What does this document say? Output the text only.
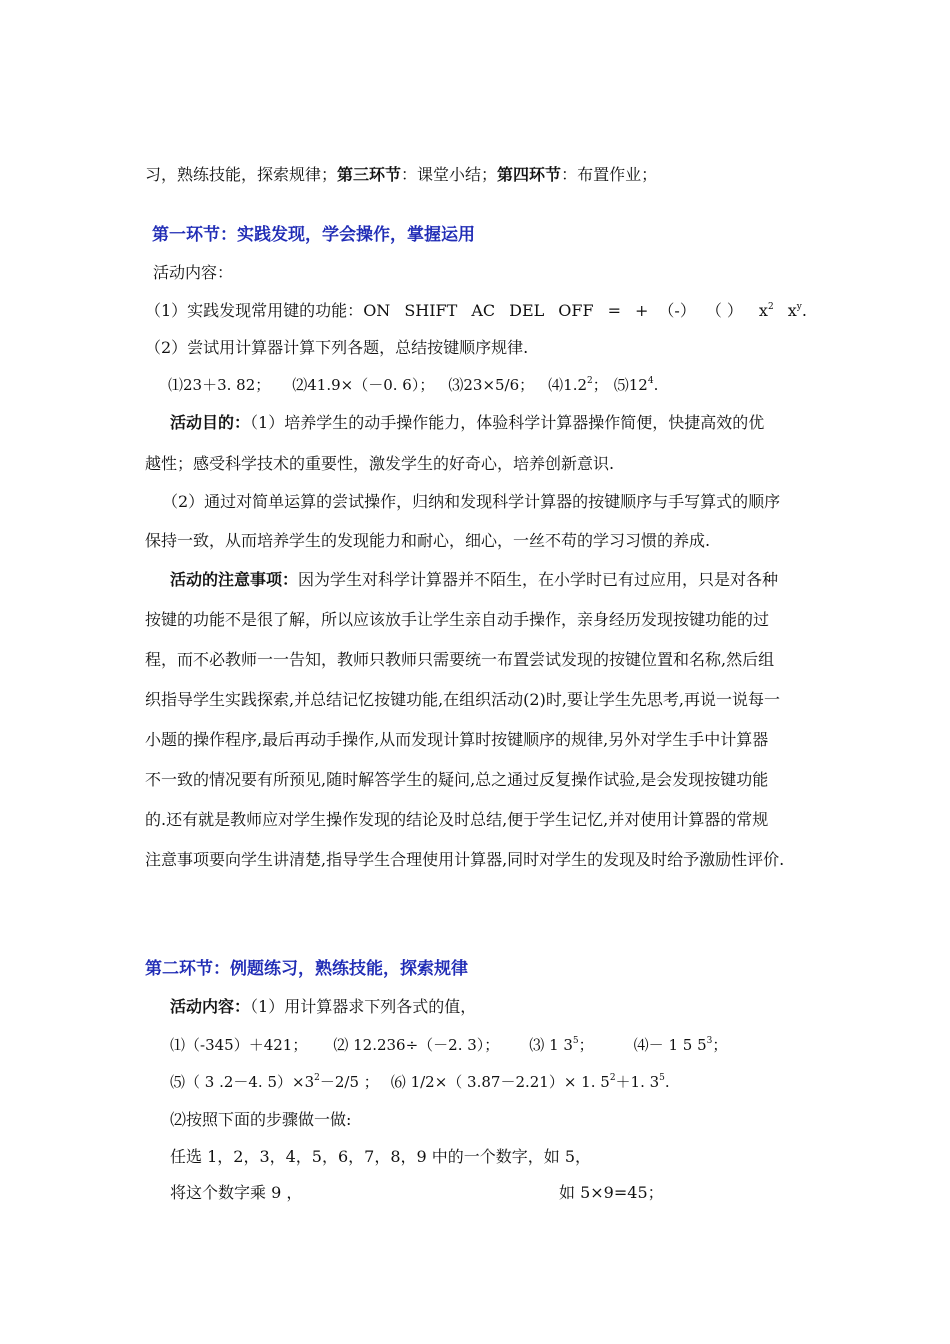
习，熟练技能，探索规律；第三环节：课堂小结；第四环节：布置作业；
第一环节：实践发现，学会操作，掌握运用
活动内容：
（1）实践发现常用键的功能：ON SHIFT AC DEL OFF = + （-） （ ） $x^2$ $x^y$.
（2）尝试用计算器计算下列各题，总结按键顺序规律.
⑴23＋3. 82； ⑵41.9×（－0. 6）； ⑶23×5/6； $⑷1.2^2$； $⑸12^4$.
活动目的：（1）培养学生的动手操作能力，体验科学计算器操作简便，快捷高效的优
越性；感受科学技术的重要性，激发学生的好奇心，培养创新意识.
（2）通过对简单运算的尝试操作，归纳和发现科学计算器的按键顺序与手写算式的顺序
保持一致，从而培养学生的发现能力和耐心，细心，一丝不苟的学习习惯的养成.
活动的注意事项：因为学生对科学计算器并不陌生，在小学时已有过应用，只是对各种
按键的功能不是很了解，所以应该放手让学生亲自动手操作，亲身经历发现按键功能的过
程，而不必教师一一告知，教师只教师只需要统一布置尝试发现的按键位置和名称,然后组
织指导学生实践探索,并总结记忆按键功能,在组织活动(2)时,要让学生先思考,再说一说每一
小题的操作程序,最后再动手操作,从而发现计算时按键顺序的规律,另外对学生手中计算器
不一致的情况要有所预见,随时解答学生的疑问,总之通过反复操作试验,是会发现按键功能
的.还有就是教师应对学生操作发现的结论及时总结,便于学生记忆,并对使用计算器的常规
注意事项要向学生讲清楚,指导学生合理使用计算器,同时对学生的发现及时给予激励性评价.
第二环节：例题练习，熟练技能，探索规律
活动内容：（1）用计算器求下列各式的值，
⑴（-345）＋421； ⑵ 12.236÷（－2. 3）； ⑶ 1 $3^5$；	⑷－ 1 5 $5^3$；
⑸（ 3 .2－4. $5)\times 3^2-2/5$ ； ⑹ 1/2×（ 3.87－2.21）× 1. $5^2+1$. $3^5$.
⑵按照下面的步骤做一做:
任选 1，2，3，4，5，6，7，8，9 中的一个数字，如 5，
将这个数字乘 9 ，	如 5×9=45；
